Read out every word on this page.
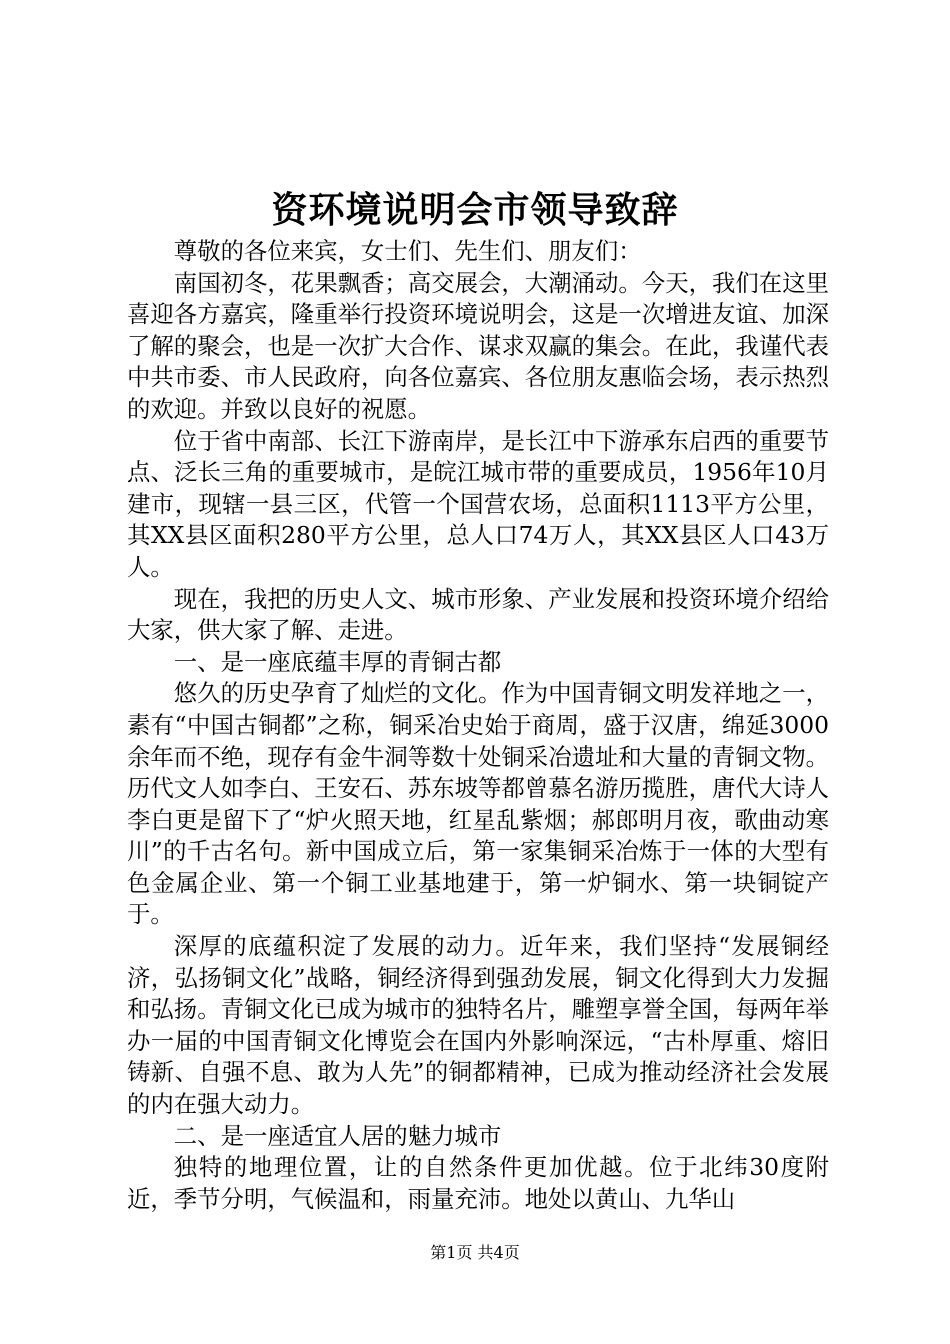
资环境说明会市领导致辞

尊敬的各位来宾，女士们、先生们、朋友们：

南国初冬，花果飘香；高交展会，大潮涌动。今天，我们在这里喜迎各方嘉宾，隆重举行投资环境说明会，这是一次增进友谊、加深了解的聚会，也是一次扩大合作、谋求双赢的集会。在此，我谨代表中共市委、市人民政府，向各位嘉宾、各位朋友惠临会场，表示热烈的欢迎。并致以良好的祝愿。

位于省中南部、长江下游南岸，是长江中下游承东启西的重要节点、泛长三角的重要城市，是皖江城市带的重要成员，1956年10月建市，现辖一县三区，代管一个国营农场，总面积1113平方公里，其XX县区面积280平方公里，总人口74万人，其XX县区人口43万人。

现在，我把的历史人文、城市形象、产业发展和投资环境介绍给大家，供大家了解、走进。

一、是一座底蕴丰厚的青铜古都

悠久的历史孕育了灿烂的文化。作为中国青铜文明发祥地之一，素有“中国古铜都”之称，铜采冶史始于商周，盛于汉唐，绵延3000余年而不绝，现存有金牛洞等数十处铜采冶遗址和大量的青铜文物。历代文人如李白、王安石、苏东坡等都曾慕名游历揽胜，唐代大诗人李白更是留下了“炉火照天地，红星乱紫烟；郝郎明月夜，歌曲动寒川”的千古名句。新中国成立后，第一家集铜采冶炼于一体的大型有色金属企业、第一个铜工业基地建于，第一炉铜水、第一块铜锭产于。

深厚的底蕴积淀了发展的动力。近年来，我们坚持“发展铜经济，弘扬铜文化”战略，铜经济得到强劲发展，铜文化得到大力发掘和弘扬。青铜文化已成为城市的独特名片，雕塑享誉全国，每两年举办一届的中国青铜文化博览会在国内外影响深远，“古朴厚重、熔旧铸新、自强不息、敢为人先”的铜都精神，已成为推动经济社会发展的内在强大动力。

二、是一座适宜人居的魅力城市

独特的地理位置，让的自然条件更加优越。位于北纬30度附近，季节分明，气候温和，雨量充沛。地处以黄山、九华山

第1页 共4页
